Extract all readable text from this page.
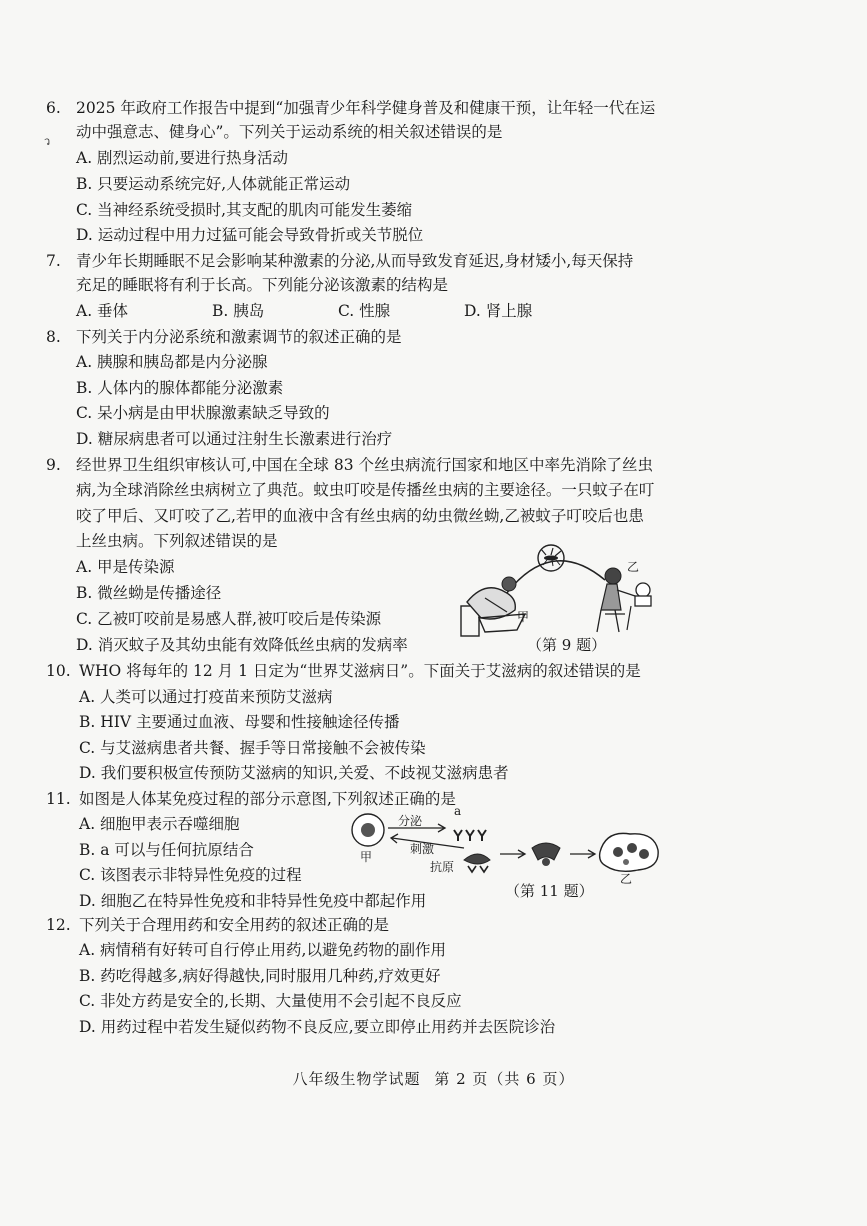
ว
6. 2025 年政府工作报告中提到“加强青少年科学健身普及和健康干预，让年轻一代在运
动中强意志、健身心”。下列关于运动系统的相关叙述错误的是
A. 剧烈运动前,要进行热身活动
B. 只要运动系统完好,人体就能正常运动
C. 当神经系统受损时,其支配的肌肉可能发生萎缩
D. 运动过程中用力过猛可能会导致骨折或关节脱位
7. 青少年长期睡眠不足会影响某种激素的分泌,从而导致发育延迟,身材矮小,每天保持
充足的睡眠将有利于长高。下列能分泌该激素的结构是
A. 垂体	B. 胰岛	C. 性腺	D. 肾上腺
8. 下列关于内分泌系统和激素调节的叙述正确的是
A. 胰腺和胰岛都是内分泌腺
B. 人体内的腺体都能分泌激素
C. 呆小病是由甲状腺激素缺乏导致的
D. 糖尿病患者可以通过注射生长激素进行治疗
9. 经世界卫生组织审核认可,中国在全球 83 个丝虫病流行国家和地区中率先消除了丝虫
病,为全球消除丝虫病树立了典范。蚊虫叮咬是传播丝虫病的主要途径。一只蚊子在叮
咬了甲后、又叮咬了乙,若甲的血液中含有丝虫病的幼虫微丝蚴,乙被蚊子叮咬后也患
上丝虫病。下列叙述错误的是
A. 甲是传染源
B. 微丝蚴是传播途径
C. 乙被叮咬前是易感人群,被叮咬后是传染源
D. 消灭蚊子及其幼虫能有效降低丝虫病的发病率
甲
乙
（第 9 题）
10. WHO 将每年的 12 月 1 日定为“世界艾滋病日”。下面关于艾滋病的叙述错误的是
A. 人类可以通过打疫苗来预防艾滋病
B. HIV 主要通过血液、母婴和性接触途径传播
C. 与艾滋病患者共餐、握手等日常接触不会被传染
D. 我们要积极宣传预防艾滋病的知识,关爱、不歧视艾滋病患者
11. 如图是人体某免疫过程的部分示意图,下列叙述正确的是
A. 细胞甲表示吞噬细胞
B. a 可以与任何抗原结合
C. 该图表示非特异性免疫的过程
D. 细胞乙在特异性免疫和非特异性免疫中都起作用
分泌
a
刺激
抗原
甲
乙
（第 11 题）
12. 下列关于合理用药和安全用药的叙述正确的是
A. 病情稍有好转可自行停止用药,以避免药物的副作用
B. 药吃得越多,病好得越快,同时服用几种药,疗效更好
C. 非处方药是安全的,长期、大量使用不会引起不良反应
D. 用药过程中若发生疑似药物不良反应,要立即停止用药并去医院诊治
八年级生物学试题 第 2 页（共 6 页）
